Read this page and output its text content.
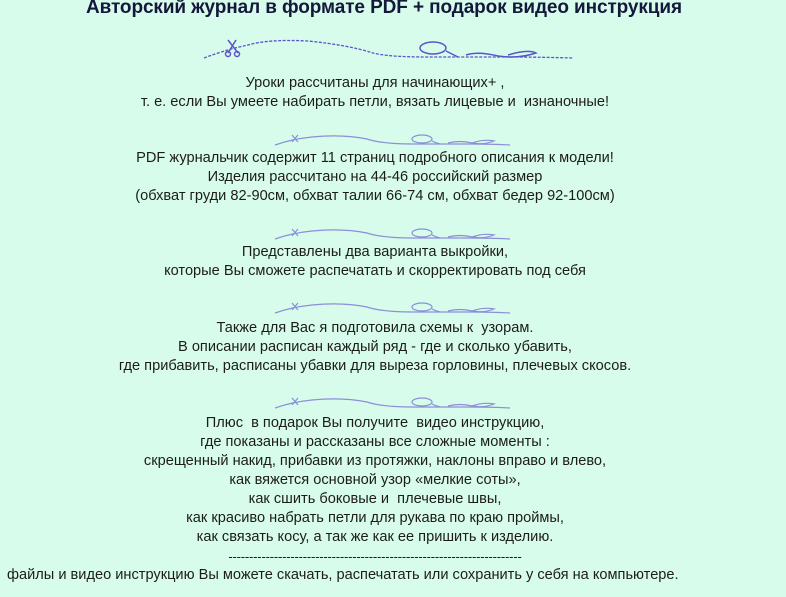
Авторский журнал в формате PDF + подарок видео инструкция

Уроки рассчитаны для начинающих+ ,

т. е. если Вы умеете набирать петли, вязать лицевые и  изнаночные!

PDF журнальчик содержит 11 страниц подробного описания к модели!

Изделия рассчитано на 44-46 российский размер

(обхват груди 82-90см, обхват талии 66-74 см, обхват бедер 92-100см)

Представлены два варианта выкройки,

которые Вы сможете распечатать и скорректировать под себя

Также для Вас я подготовила схемы к  узорам.

В описании расписан каждый ряд - где и сколько убавить,

где прибавить, расписаны убавки для выреза горловины, плечевых скосов.

Плюс  в подарок Вы получите  видео инструкцию,

где показаны и рассказаны все сложные моменты :

скрещенный накид, прибавки из протяжки, наклоны вправо и влево,

как вяжется основной узор «мелкие соты»,

как сшить боковые и  плечевые швы,

как красиво набрать петли для рукава по краю проймы,

как связать косу, а так же как ее пришить к изделию.

-----------------------------------------------------------------------
файлы и видео инструкцию Вы можете скачать, распечатать или сохранить у себя на компьютере.
